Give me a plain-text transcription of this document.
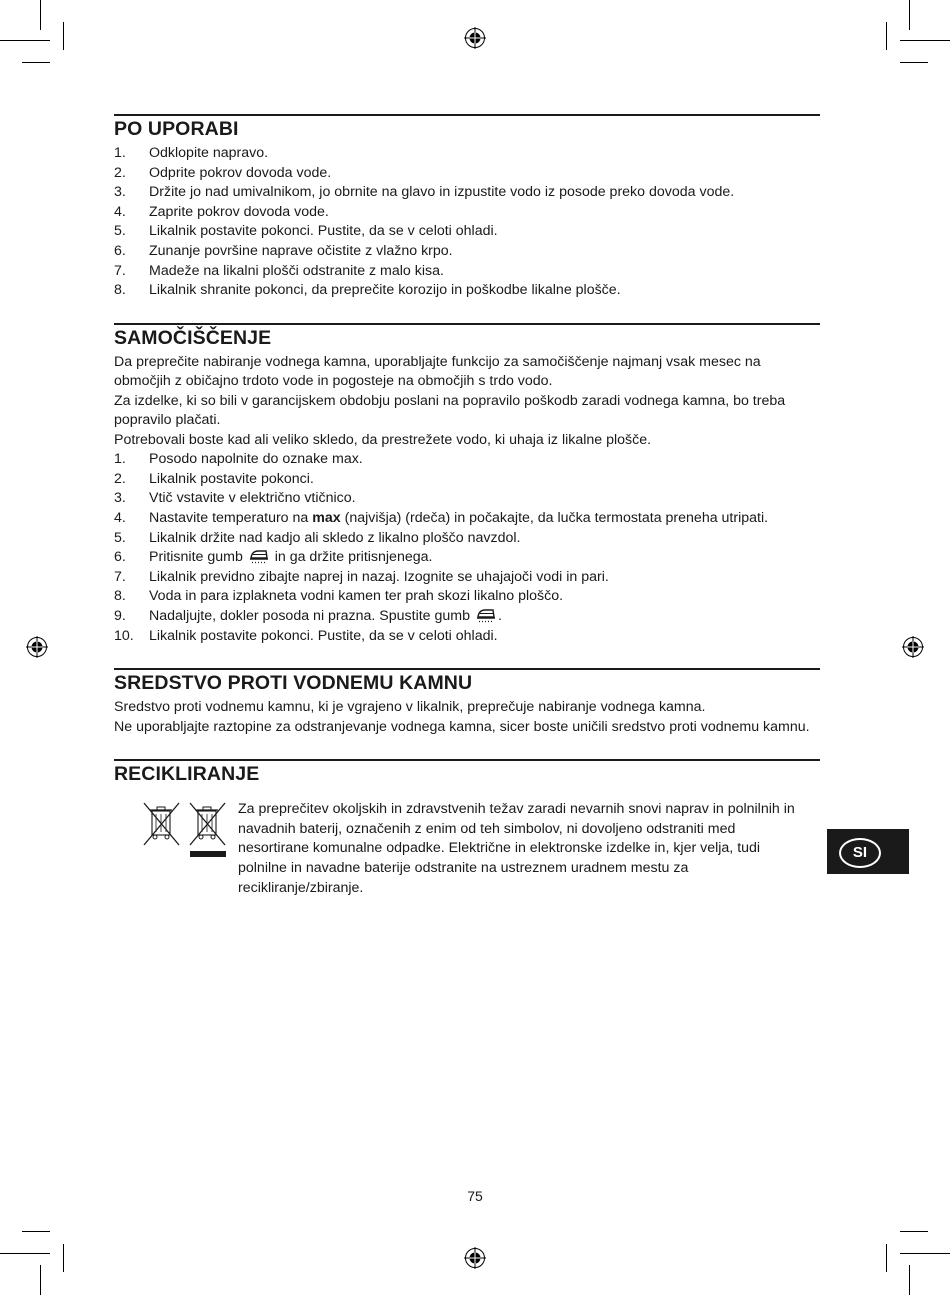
PO UPORABI
1. Odklopite napravo.
2. Odprite pokrov dovoda vode.
3. Držite jo nad umivalnikom, jo obrnite na glavo in izpustite vodo iz posode preko dovoda vode.
4. Zaprite pokrov dovoda vode.
5. Likalnik postavite pokonci. Pustite, da se v celoti ohladi.
6. Zunanje površine naprave očistite z vlažno krpo.
7. Madeže na likalni plošči odstranite z malo kisa.
8. Likalnik shranite pokonci, da preprečite korozijo in poškodbe likalne plošče.
SAMOČIŠČENJE

Da preprečite nabiranje vodnega kamna, uporabljajte funkcijo za samočiščenje najmanj vsak mesec na območjih z običajno trdoto vode in pogosteje na območjih s trdo vodo.

Za izdelke, ki so bili v garancijskem obdobju poslani na popravilo poškodb zaradi vodnega kamna, bo treba popravilo plačati.

Potrebovali boste kad ali veliko skledo, da prestrežete vodo, ki uhaja iz likalne plošče.

1. Posodo napolnite do oznake max.
2. Likalnik postavite pokonci.
3. Vtič vstavite v električno vtičnico.
4. Nastavite temperaturo na max (najvišja) (rdeča) in počakajte, da lučka termostata preneha utripati.
5. Likalnik držite nad kadjo ali skledo z likalno ploščo navzdol.
6. Pritisnite gumb  in ga držite pritisnjenega.
7. Likalnik previdno zibajte naprej in nazaj. Izognite se uhajajoči vodi in pari.
8. Voda in para izplakneta vodni kamen ter prah skozi likalno ploščo.
9. Nadaljujte, dokler posoda ni prazna. Spustite gumb .
10. Likalnik postavite pokonci. Pustite, da se v celoti ohladi.
SREDSTVO PROTI VODNEMU KAMNU

Sredstvo proti vodnemu kamnu, ki je vgrajeno v likalnik, preprečuje nabiranje vodnega kamna.

Ne uporabljajte raztopine za odstranjevanje vodnega kamna, sicer boste uničili sredstvo proti vodnemu kamnu.

RECIKLIRANJE
Za preprečitev okoljskih in zdravstvenih težav zaradi nevarnih snovi naprav in polnilnih in navadnih baterij, označenih z enim od teh simbolov, ni dovoljeno odstraniti med nesortirane komunalne odpadke. Električne in elektronske izdelke in, kjer velja, tudi polnilne in navadne baterije odstranite na ustreznem uradnem mestu za recikliranje/zbiranje.
SI
75
